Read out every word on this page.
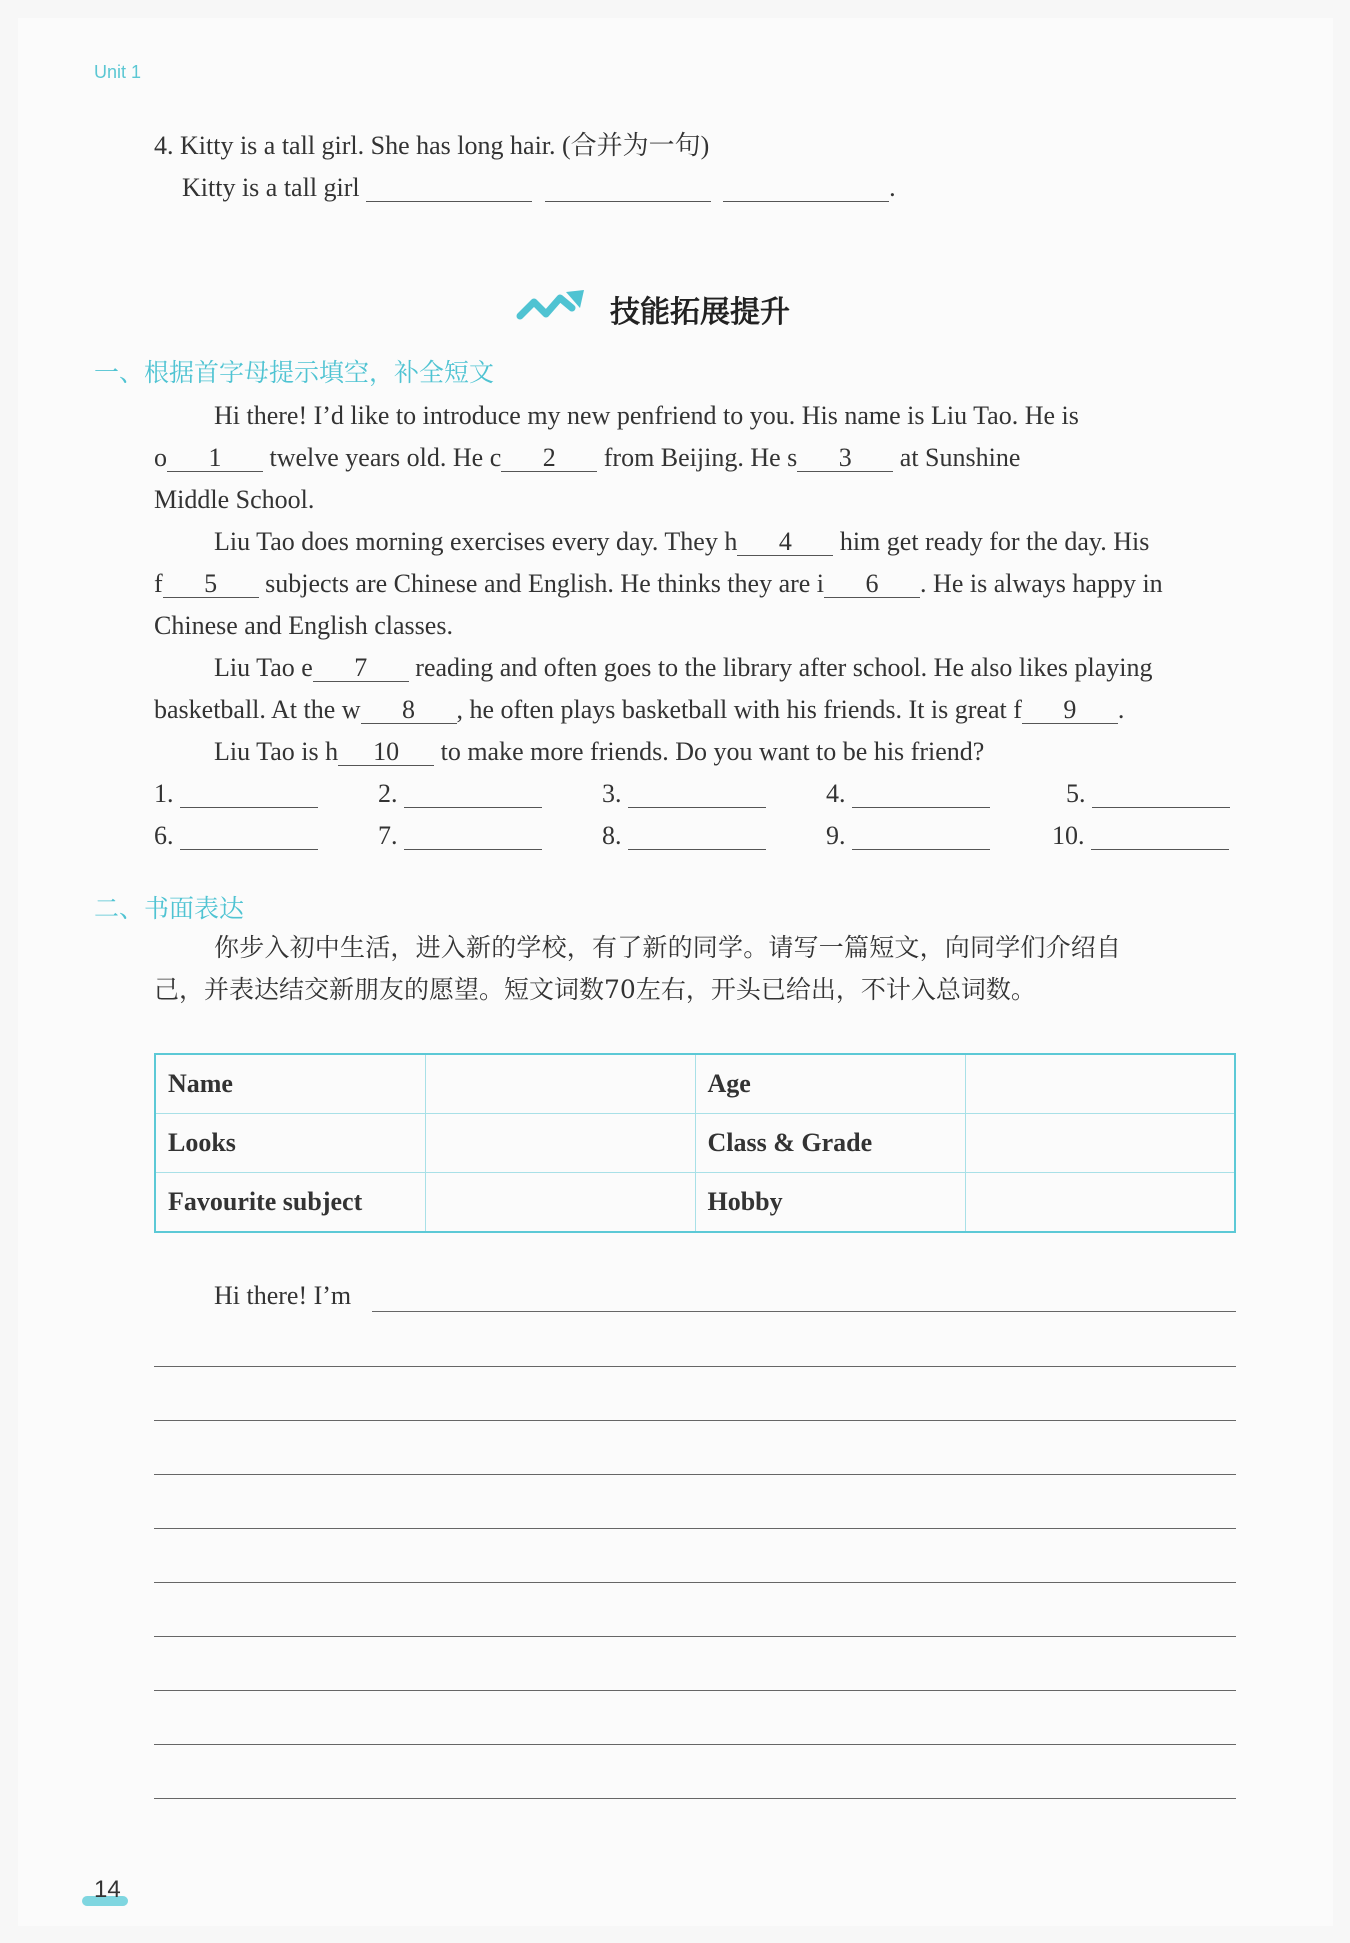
Unit 1
4. Kitty is a tall girl. She has long hair. (合并为一句)
Kitty is a tall girl	.
技能拓展提升
一、根据首字母提示填空，补全短文
Hi there! I’d like to introduce my new penfriend to you. His name is Liu Tao. He is
o 1 twelve years old. He c 2 from Beijing. He s 3 at Sunshine
Middle School.
Liu Tao does morning exercises every day. They h 4 him get ready for the day. His
f 5 subjects are Chinese and English. He thinks they are i 6 . He is always happy in
Chinese and English classes.
Liu Tao e 7 reading and often goes to the library after school. He also likes playing
basketball. At the w 8 , he often plays basketball with his friends. It is great f 9 .
Liu Tao is h 10 to make more friends. Do you want to be his friend?
1.	2.	3.	4.	5.
6.	7.	8.	9.	10.
二、书面表达
你步入初中生活，进入新的学校，有了新的同学。请写一篇短文，向同学们介绍自
己，并表达结交新朋友的愿望。短文词数70左右，开头已给出，不计入总词数。
Name		Age	
Looks		Class & Grade	
Favourite subject		Hobby	
Hi there! I’m
14
